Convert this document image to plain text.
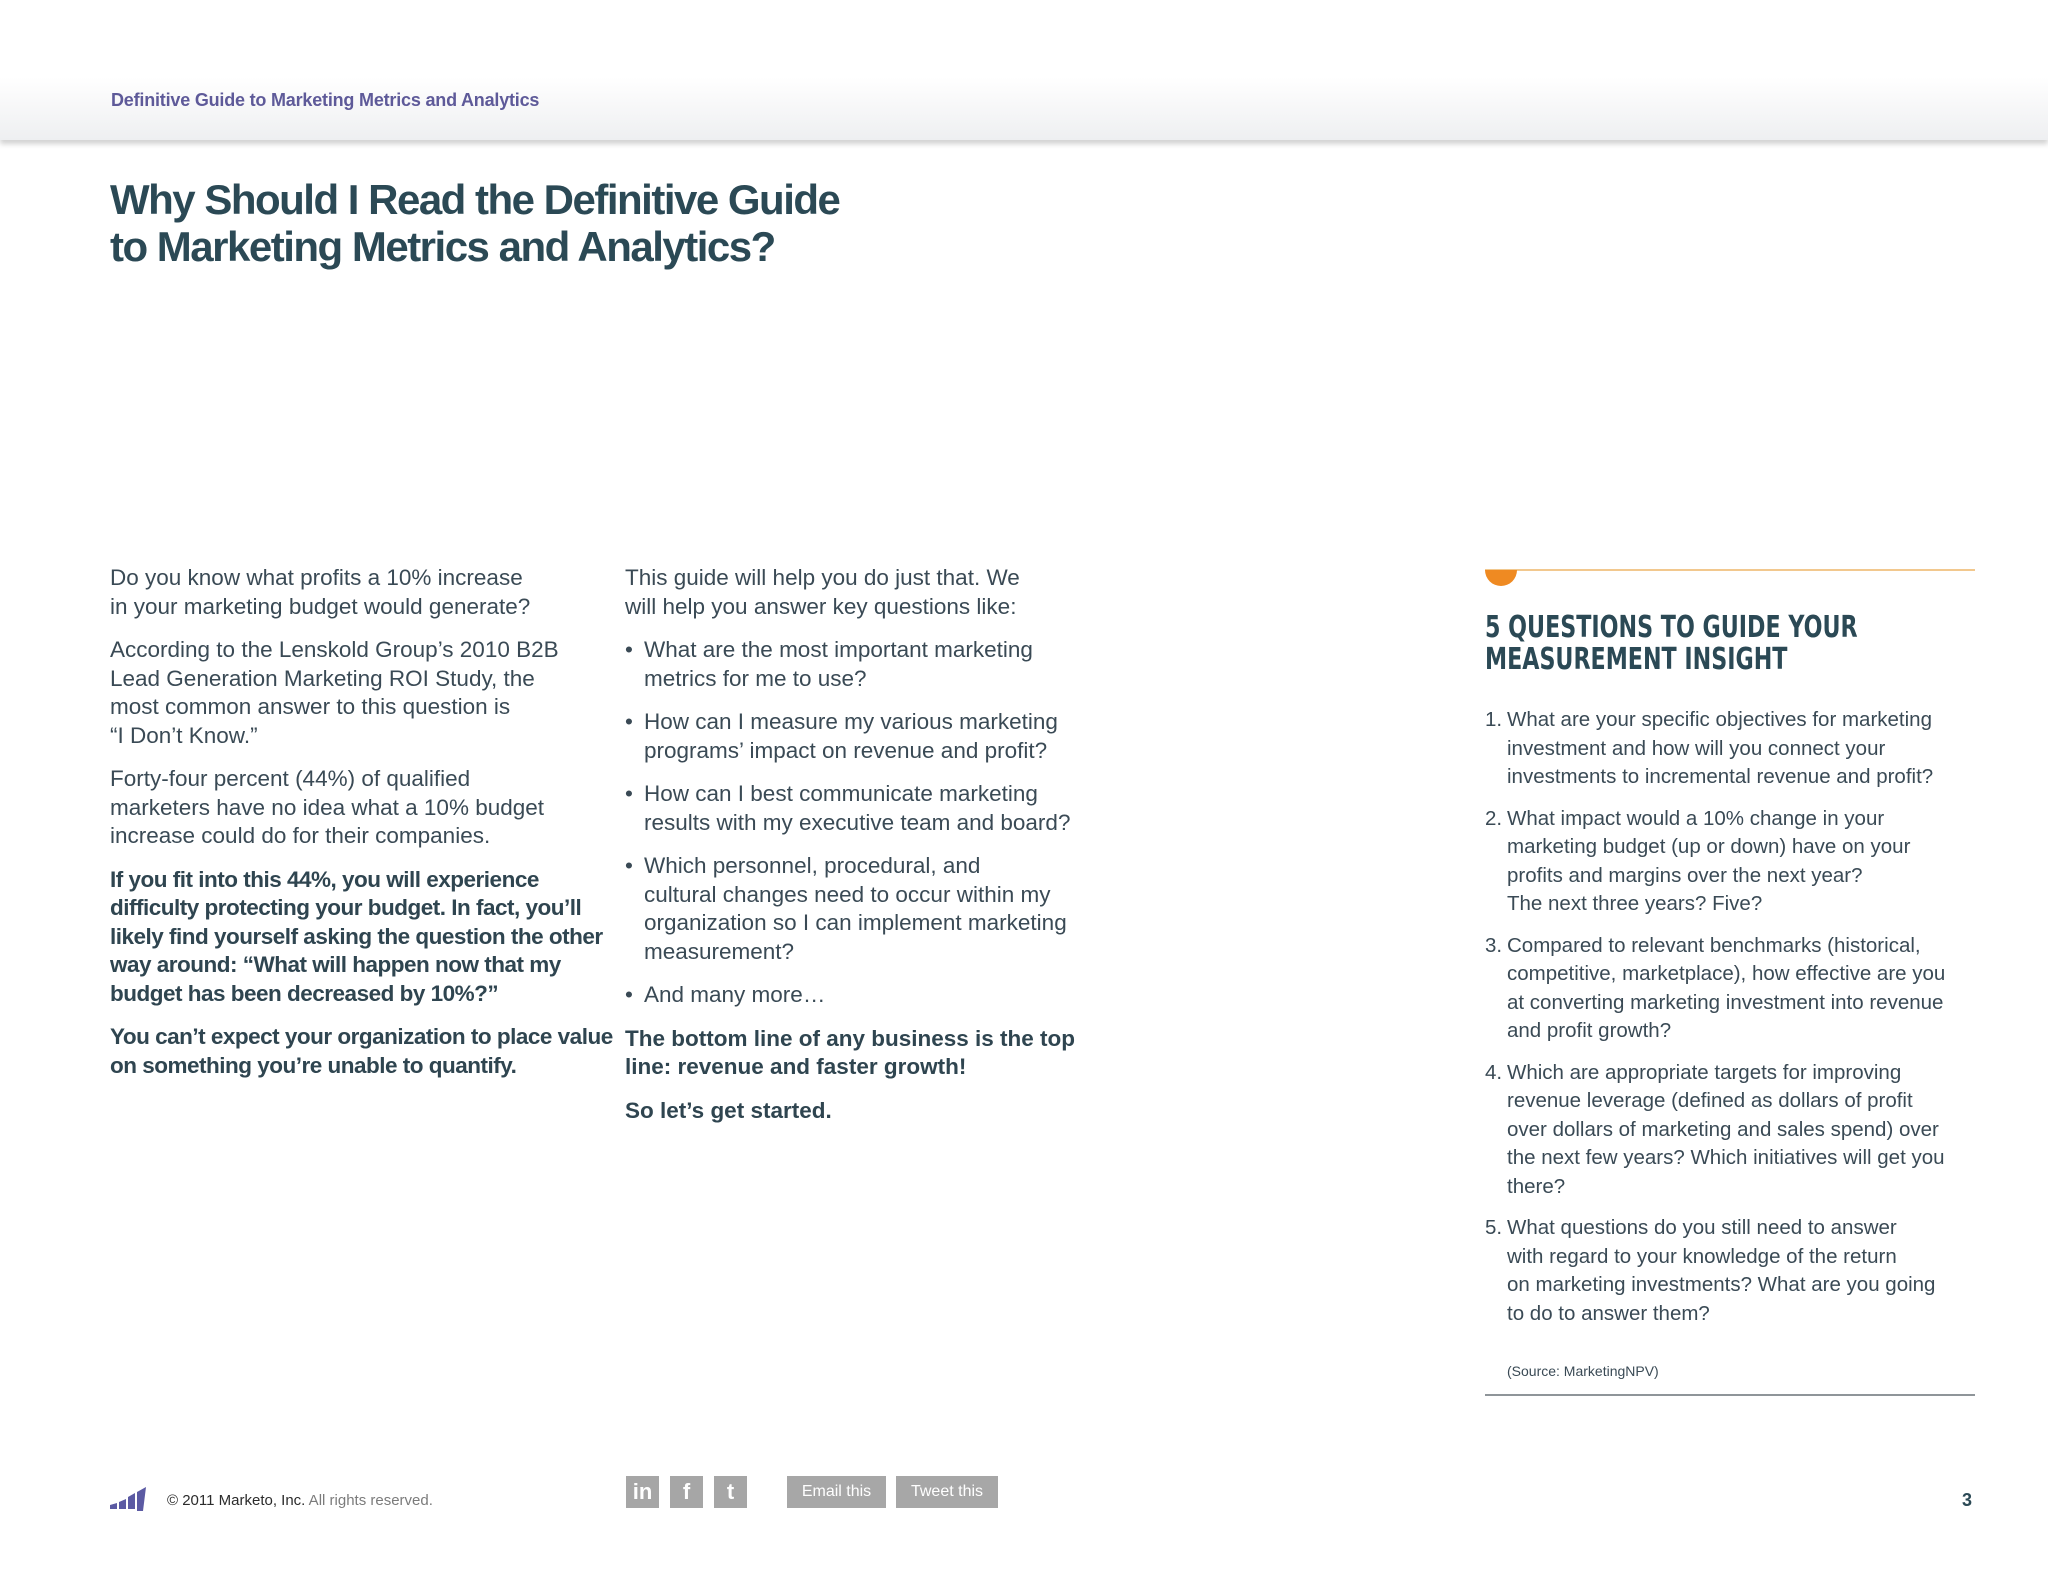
Definitive Guide to Marketing Metrics and Analytics
Why Should I Read the Definitive Guide
to Marketing Metrics and Analytics?

Do you know what profits a 10% increase
in your marketing budget would generate?

According to the Lenskold Group’s 2010 B2B
Lead Generation Marketing ROI Study, the
most common answer to this question is
“I Don’t Know.”

Forty-four percent (44%) of qualified
marketers have no idea what a 10% budget
increase could do for their companies.

If you fit into this 44%, you will experience
difficulty protecting your budget. In fact, you’ll
likely find yourself asking the question the other
way around: “What will happen now that my
budget has been decreased by 10%?”

You can’t expect your organization to place value
on something you’re unable to quantify.

This guide will help you do just that. We
will help you answer key questions like:

• What are the most important marketing
metrics for me to use?
• How can I measure my various marketing
programs’ impact on revenue and profit?
• How can I best communicate marketing
results with my executive team and board?
• Which personnel, procedural, and
cultural changes need to occur within my
organization so I can implement marketing
measurement?
• And many more…

The bottom line of any business is the top
line: revenue and faster growth!

So let’s get started.

5 QUESTIONS TO GUIDE YOUR
MEASUREMENT INSIGHT
1. What are your specific objectives for marketing
investment and how will you connect your
investments to incremental revenue and profit?
2. What impact would a 10% change in your
marketing budget (up or down) have on your
profits and margins over the next year?
The next three years? Five?
3. Compared to relevant benchmarks (historical,
competitive, marketplace), how effective are you
at converting marketing investment into revenue
and profit growth?
4. Which are appropriate targets for improving
revenue leverage (defined as dollars of profit
over dollars of marketing and sales spend) over
the next few years? Which initiatives will get you
there?
5. What questions do you still need to answer
with regard to your knowledge of the return
on marketing investments? What are you going
to do to answer them?
(Source: MarketingNPV)
© 2011 Marketo, Inc. All rights reserved.	in	f	t	Email this	Tweet this	3
